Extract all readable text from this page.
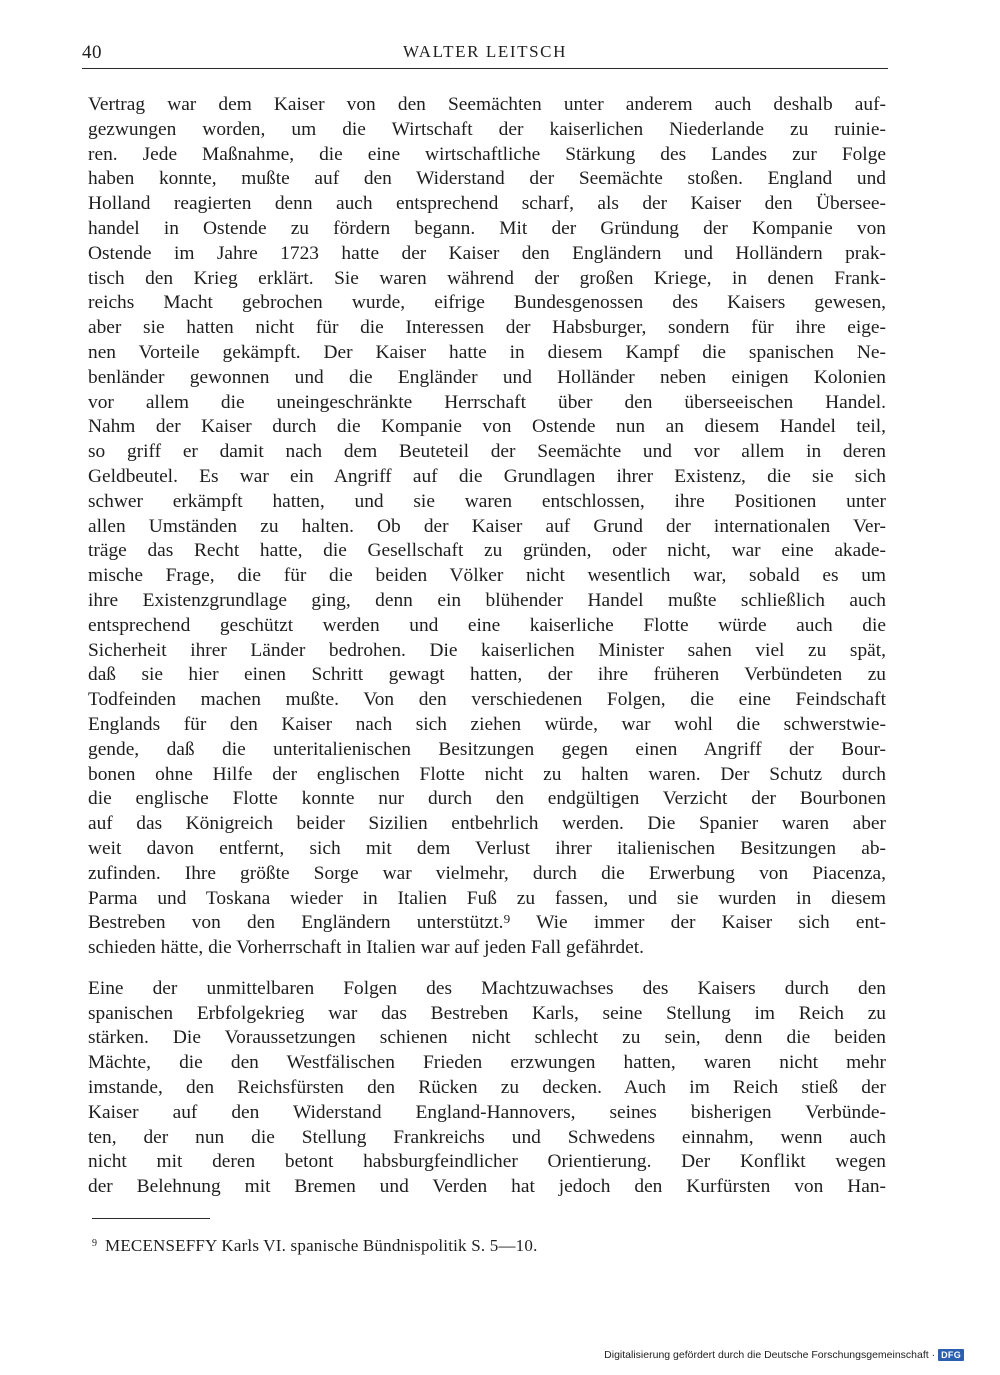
40	WALTER LEITSCH
Vertrag war dem Kaiser von den Seemächten unter anderem auch deshalb auf-
gezwungen worden, um die Wirtschaft der kaiserlichen Niederlande zu ruinie-
ren. Jede Maßnahme, die eine wirtschaftliche Stärkung des Landes zur Folge
haben konnte, mußte auf den Widerstand der Seemächte stoßen. England und
Holland reagierten denn auch entsprechend scharf, als der Kaiser den Übersee-
handel in Ostende zu fördern begann. Mit der Gründung der Kompanie von
Ostende im Jahre 1723 hatte der Kaiser den Engländern und Holländern prak-
tisch den Krieg erklärt. Sie waren während der großen Kriege, in denen Frank-
reichs Macht gebrochen wurde, eifrige Bundesgenossen des Kaisers gewesen,
aber sie hatten nicht für die Interessen der Habsburger, sondern für ihre eige-
nen Vorteile gekämpft. Der Kaiser hatte in diesem Kampf die spanischen Ne-
benländer gewonnen und die Engländer und Holländer neben einigen Kolonien
vor allem die uneingeschränkte Herrschaft über den überseeischen Handel.
Nahm der Kaiser durch die Kompanie von Ostende nun an diesem Handel teil,
so griff er damit nach dem Beuteteil der Seemächte und vor allem in deren
Geldbeutel. Es war ein Angriff auf die Grundlagen ihrer Existenz, die sie sich
schwer erkämpft hatten, und sie waren entschlossen, ihre Positionen unter
allen Umständen zu halten. Ob der Kaiser auf Grund der internationalen Ver-
träge das Recht hatte, die Gesellschaft zu gründen, oder nicht, war eine akade-
mische Frage, die für die beiden Völker nicht wesentlich war, sobald es um
ihre Existenzgrundlage ging, denn ein blühender Handel mußte schließlich auch
entsprechend geschützt werden und eine kaiserliche Flotte würde auch die
Sicherheit ihrer Länder bedrohen. Die kaiserlichen Minister sahen viel zu spät,
daß sie hier einen Schritt gewagt hatten, der ihre früheren Verbündeten zu
Todfeinden machen mußte. Von den verschiedenen Folgen, die eine Feindschaft
Englands für den Kaiser nach sich ziehen würde, war wohl die schwerstwie-
gende, daß die unteritalienischen Besitzungen gegen einen Angriff der Bour-
bonen ohne Hilfe der englischen Flotte nicht zu halten waren. Der Schutz durch
die englische Flotte konnte nur durch den endgültigen Verzicht der Bourbonen
auf das Königreich beider Sizilien entbehrlich werden. Die Spanier waren aber
weit davon entfernt, sich mit dem Verlust ihrer italienischen Besitzungen ab-
zufinden. Ihre größte Sorge war vielmehr, durch die Erwerbung von Piacenza,
Parma und Toskana wieder in Italien Fuß zu fassen, und sie wurden in diesem
Bestreben von den Engländern unterstützt.⁹ Wie immer der Kaiser sich ent-
schieden hätte, die Vorherrschaft in Italien war auf jeden Fall gefährdet.
Eine der unmittelbaren Folgen des Machtzuwachses des Kaisers durch den
spanischen Erbfolgekrieg war das Bestreben Karls, seine Stellung im Reich zu
stärken. Die Voraussetzungen schienen nicht schlecht zu sein, denn die beiden
Mächte, die den Westfälischen Frieden erzwungen hatten, waren nicht mehr
imstande, den Reichsfürsten den Rücken zu decken. Auch im Reich stieß der
Kaiser auf den Widerstand England-Hannovers, seines bisherigen Verbünde-
ten, der nun die Stellung Frankreichs und Schwedens einnahm, wenn auch
nicht mit deren betont habsburgfeindlicher Orientierung. Der Konflikt wegen
der Belehnung mit Bremen und Verden hat jedoch den Kurfürsten von Han-
$^9$ MECENSEFFY Karls VI. spanische Bündnispolitik S. 5—10.
Digitalisierung gefördert durch die Deutsche Forschungsgemeinschaft · DFG
